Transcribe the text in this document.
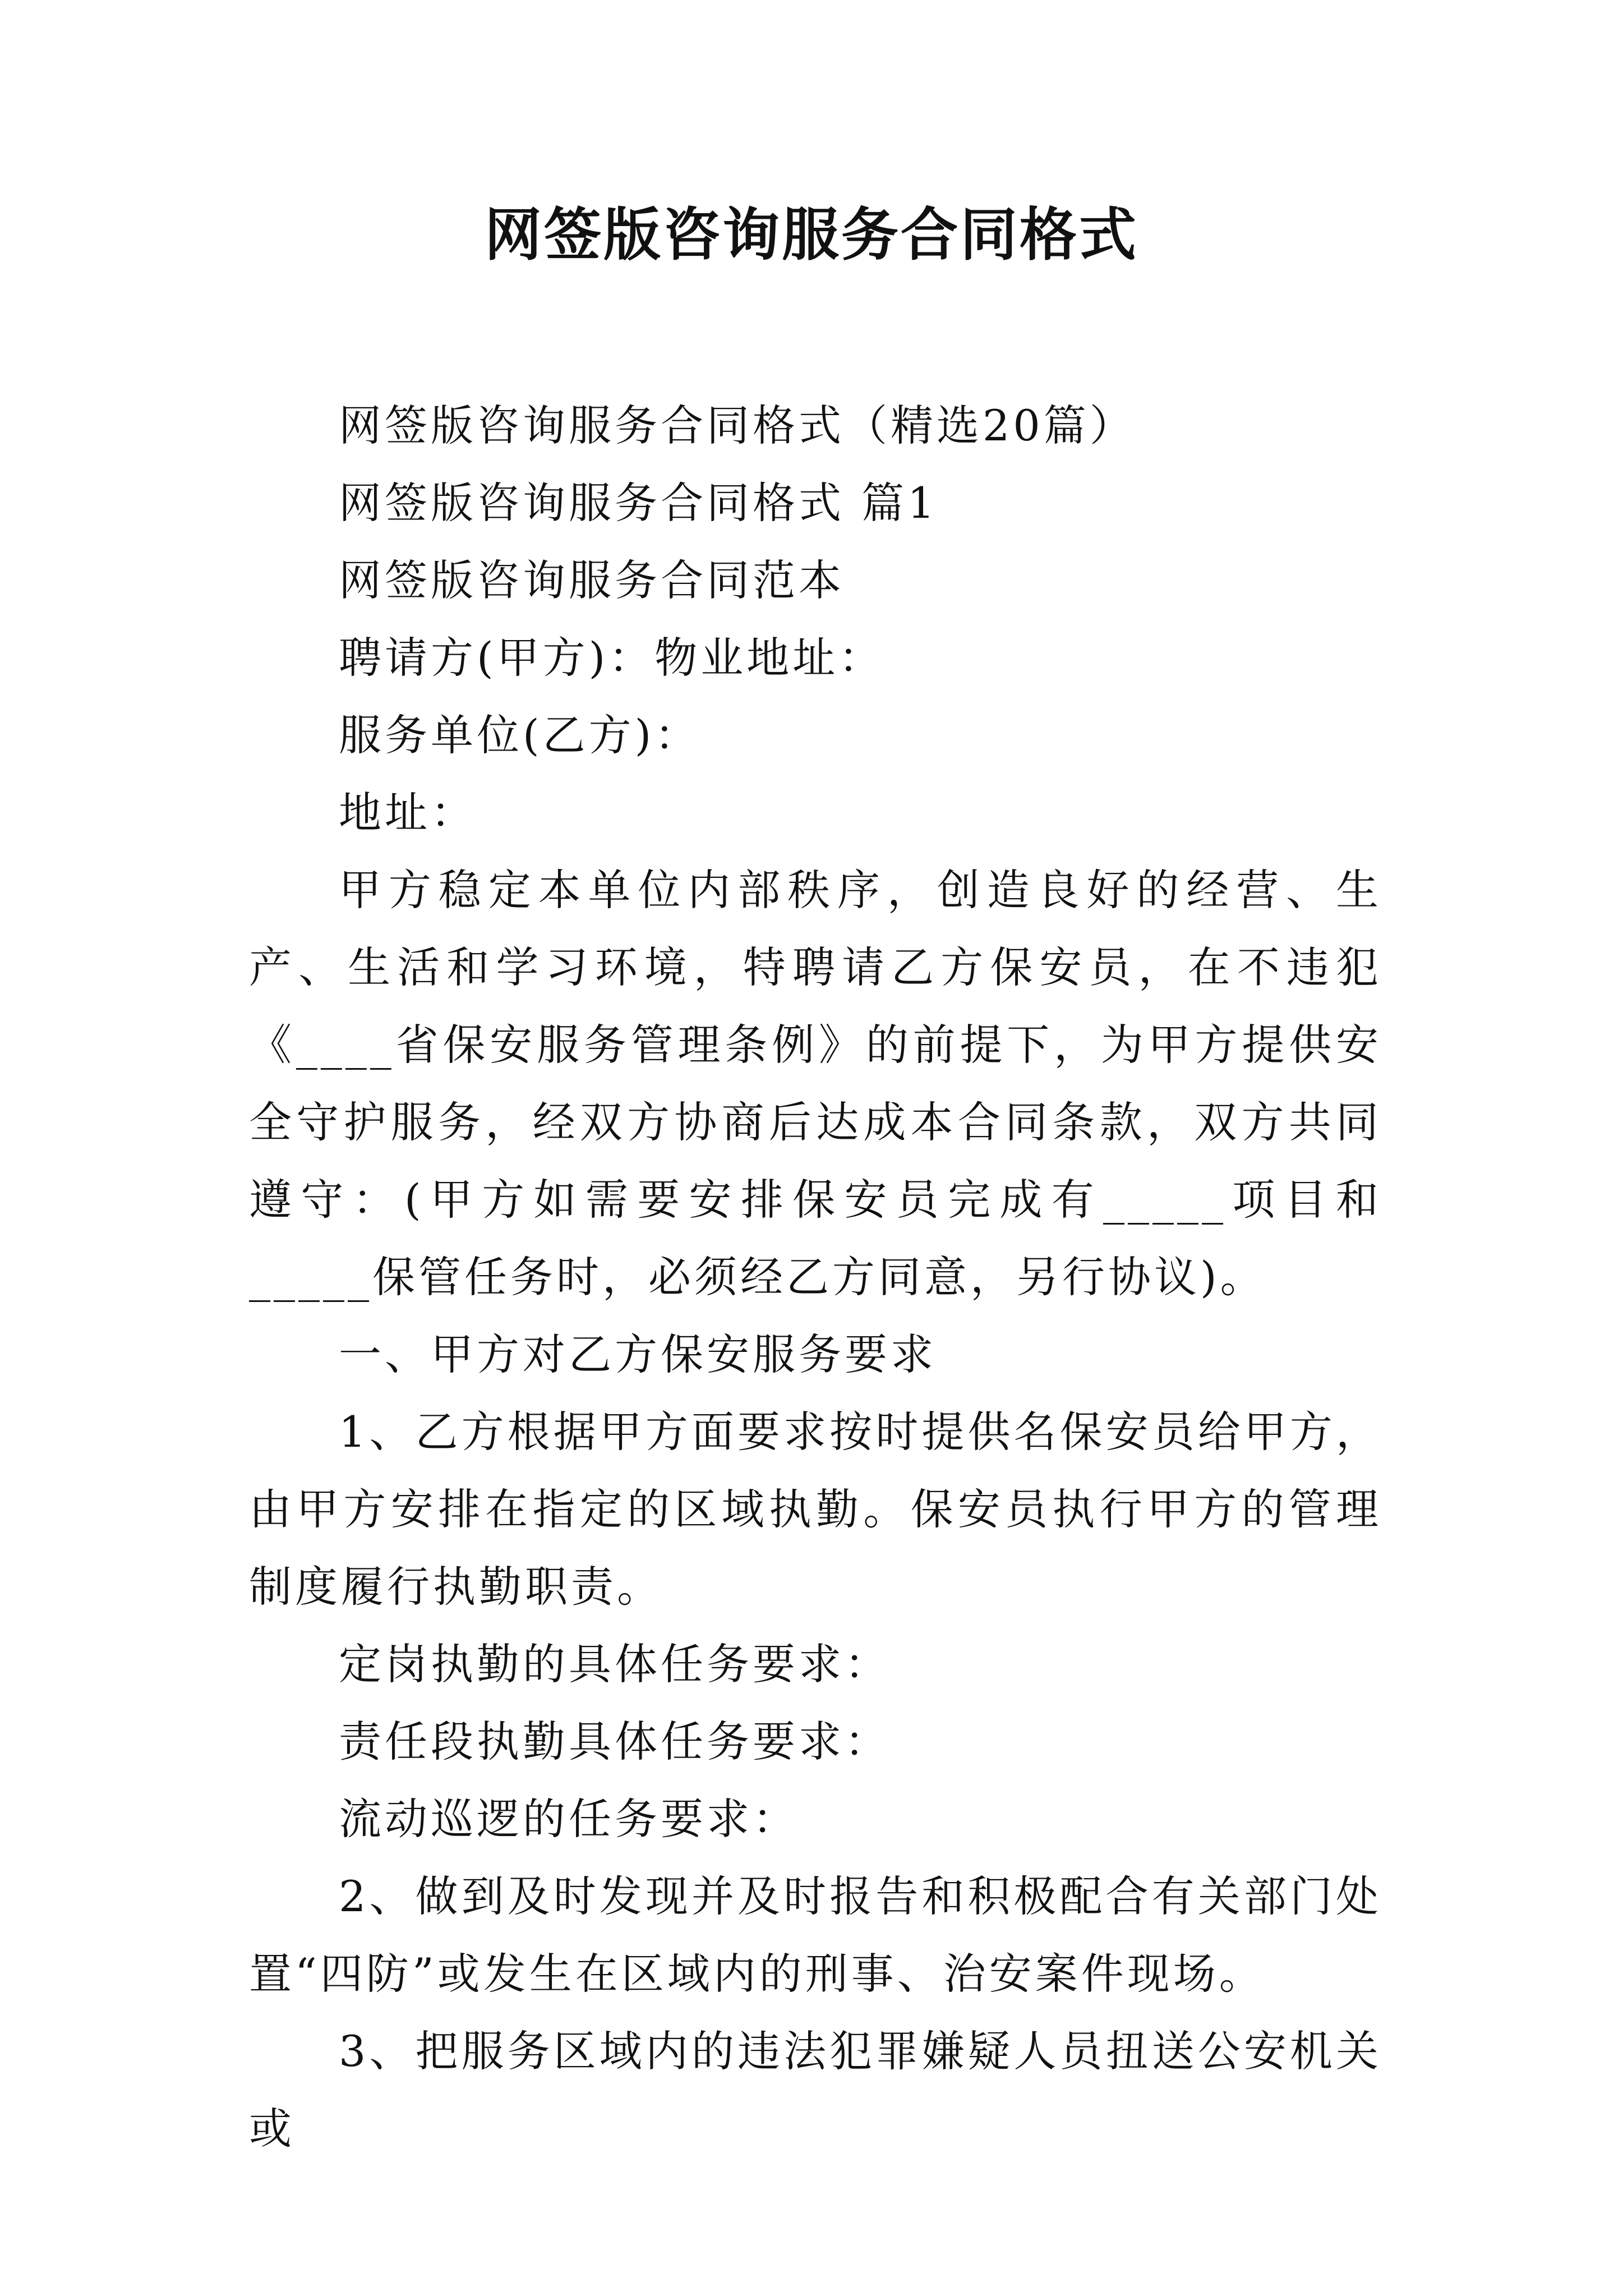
网签版咨询服务合同格式

网签版咨询服务合同格式（精选20篇）

网签版咨询服务合同格式 篇1

网签版咨询服务合同范本

聘请方(甲方)：物业地址：

服务单位(乙方)：

地址：

甲方稳定本单位内部秩序，创造良好的经营、生产、生活和学习环境，特聘请乙方保安员，在不违犯《____省保安服务管理条例》的前提下，为甲方提供安全守护服务，经双方协商后达成本合同条款，双方共同遵守：(甲方如需要安排保安员完成有_____项目和_____保管任务时，必须经乙方同意，另行协议)。

一、甲方对乙方保安服务要求

1、乙方根据甲方面要求按时提供名保安员给甲方，由甲方安排在指定的区域执勤。保安员执行甲方的管理制度履行执勤职责。

定岗执勤的具体任务要求：

责任段执勤具体任务要求：

流动巡逻的任务要求：

2、做到及时发现并及时报告和积极配合有关部门处置“四防”或发生在区域内的刑事、治安案件现场。

3、把服务区域内的违法犯罪嫌疑人员扭送公安机关或
